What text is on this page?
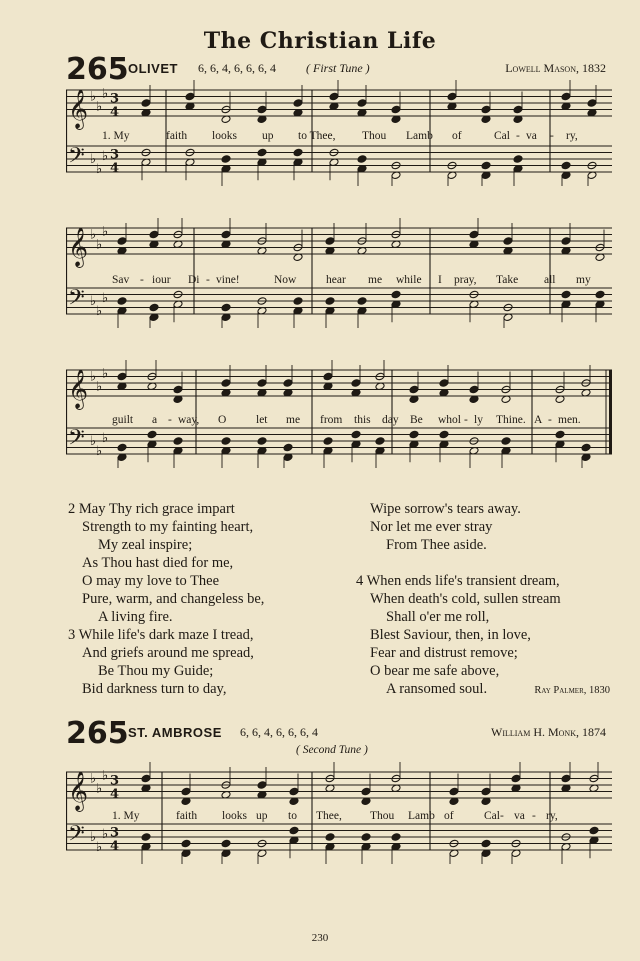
The Christian Life
265 OLIVET 6, 6, 4, 6, 6, 6, 4	( First Tune )	Lowell Mason, 1832
𝄞
𝄢
♭
♭
♭
♭
♭
♭
3
4
3
4
1. My	faith looks up to Thee, Thou Lamb of	Cal - va - ry,
𝄞
𝄢
♭
♭
♭
♭
♭
♭
Sav - iour Di - vine!	Now	hear me while I pray, Take all my
𝄞
𝄢
♭
♭
♭
♭
♭
♭
guilt a - way, O	let me from this day Be whol - ly Thine. A - men.
2 May Thy rich grace impart
Strength to my fainting heart,
My zeal inspire;
As Thou hast died for me,
O may my love to Thee
Pure, warm, and changeless be,
A living fire.
3 While life's dark maze I tread,
And griefs around me spread,
Be Thou my Guide;
Bid darkness turn to day,
Wipe sorrow's tears away.
Nor let me ever stray
From Thee aside.

4 When ends life's transient dream,
When death's cold, sullen stream
Shall o'er me roll,
Blest Saviour, then, in love,
Fear and distrust remove;
O bear me safe above,
A ransomed soul.	Ray Palmer, 1830
265 ST. AMBROSE 6, 6, 4, 6, 6, 6, 4	William H. Monk, 1874
( Second Tune )
𝄞
𝄢
♭
♭
♭
♭
♭
♭
3
4
3
4
1. My	faith looks up to Thee, Thou Lamb of	Cal - va - ry,
230
